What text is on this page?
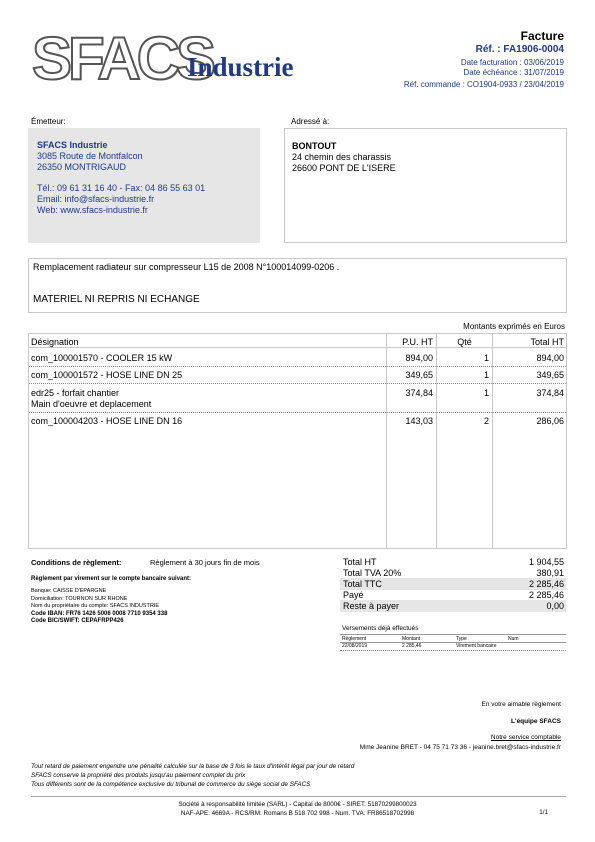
SFACS
Industrie
Facture
Réf. : FA1906-0004
Date facturation : 03/06/2019
Date échéance : 31/07/2019
Réf. commande : CO1904-0933 / 23/04/2019
Émetteur:
SFACS Industrie
3085 Route de Montfalcon
26350 MONTRIGAUD
Tél.: 09 61 31 16 40 - Fax: 04 86 55 63 01
Email: info@sfacs-industrie.fr
Web: www.sfacs-industrie.fr
Adressé à:
BONTOUT
24 chemin des charassis
26600 PONT DE L'ISERE
Remplacement radiateur sur compresseur L15 de 2008 N°100014099-0206 .
MATERIEL NI REPRIS NI ECHANGE
Montants exprimés en Euros
Désignation	P.U. HT	Qté	Total HT
com_100001570 - COOLER 15 kW	894,00	1	894,00
com_100001572 - HOSE LINE DN 25	349,65	1	349,65
edr25 - forfait chantier
Main d'oeuvre et deplacement
374,84	1	374,84
com_100004203 - HOSE LINE DN 16	143,03	2	286,06
Conditions de règlement:	Règlement à 30 jours fin de mois
Règlement par virement sur le compte bancaire suivant:
Banque: CAISSE D'EPARGNE
Domiciliation: TOURNON SUR RHONE
Nom du propriétaire du compte: SFACS INDUSTRIE
Code IBAN: FR76 1426 5006 0008 7710 9354 338
Code BIC/SWIFT: CEPAFRPP426
Total HT	1 904,55
Total TVA 20%	380,91
Total TTC	2 285,46
Payé	2 285,46
Reste à payer	0,00
Versements déjà effectués
Règlement	Montant	Type	Num
22/08/2019	2 285,46	Virement bancaire
En votre aimable règlement
L'équipe SFACS
Notre service comptable
Mme Jeanine BRET - 04 75 71 73 36 - jeanine.bret@sfacs-industrie.fr
Tout retard de paiement engendre une pénalité calculée sur la base de 3 fois le taux d'intérêt légal par jour de retard
SFACS conserve la propriété des produits jusqu'au paiement complet du prix
Tous différents sont de la compétence exclusive du tribunal de commerce du siège social de SFACS
Société à responsabilité limitée (SARL) - Capital de 8000€ - SIRET: 51870299800023
NAF-APE: 4669A - RCS/RM: Romans B 518 702 998 - Num. TVA: FR86518702998	1/1
